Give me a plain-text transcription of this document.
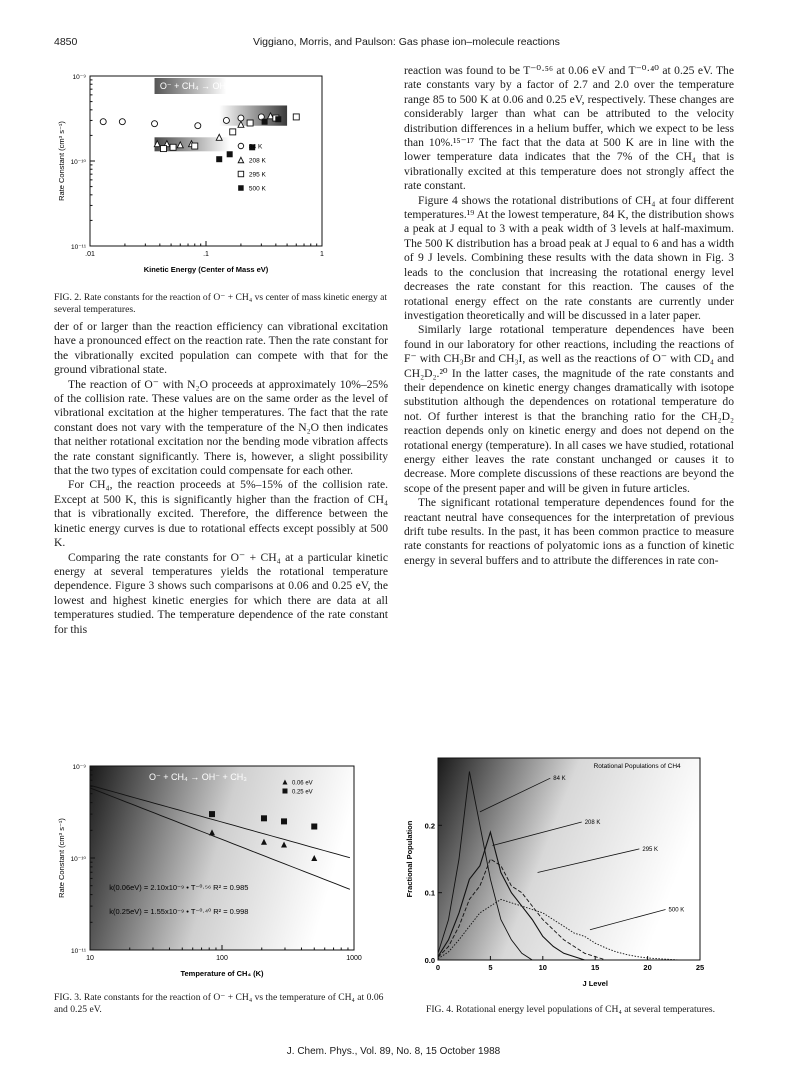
4850	Viggiano, Morris, and Paulson: Gas phase ion–molecule reactions
O⁻ + CH₄ → OH⁻ + CH₃
.01	.1	1
10⁻⁹
10⁻¹⁰
10⁻¹¹
Rate Constant (cm³ s⁻¹)
Kinetic Energy (Center of Mass eV)
84 K
208 K
295 K
500 K
FIG. 2. Rate constants for the reaction of O⁻ + CH₄ vs center of mass kinetic energy at several temperatures.

der of or larger than the reaction efficiency can vibrational excitation have a pronounced effect on the reaction rate. Then the rate constant for the vibrationally excited population can compete with that for the ground vibrational state.

The reaction of O⁻ with N₂O proceeds at approximately 10%–25% of the collision rate. These values are on the same order as the level of vibrational excitation at the higher temperatures. The fact that the rate constant does not vary with the temperature of the N₂O then indicates that neither rotational excitation nor the bending mode vibration affects the rate constant significantly. There is, however, a slight possibility that the two types of excitation could compensate for each other.

For CH₄, the reaction proceeds at 5%–15% of the collision rate. Except at 500 K, this is significantly higher than the fraction of CH₄ that is vibrationally excited. Therefore, the difference between the kinetic energy curves is due to rotational effects except possibly at 500 K.

Comparing the rate constants for O⁻ + CH₄ at a particular kinetic energy at several temperatures yields the rotational temperature dependence. Figure 3 shows such comparisons at 0.06 and 0.25 eV, the lowest and highest kinetic energies for which there are data at all temperatures studied. The temperature dependence of the rate constant for this

reaction was found to be T⁻⁰·⁵⁶ at 0.06 eV and T⁻⁰·⁴⁰ at 0.25 eV. The rate constants vary by a factor of 2.7 and 2.0 over the temperature range 85 to 500 K at 0.06 and 0.25 eV, respectively. These changes are considerably larger than what can be attributed to the velocity distribution differences in a helium buffer, which we expect to be less than 10%.¹⁵⁻¹⁷ The fact that the data at 500 K are in line with the lower temperature data indicates that the 7% of the CH₄ that is vibrationally excited at this temperature does not strongly affect the rate constant.

Figure 4 shows the rotational distributions of CH₄ at four different temperatures.¹⁹ At the lowest temperature, 84 K, the distribution shows a peak at J equal to 3 with a peak width of 3 levels at half-maximum. The 500 K distribution has a broad peak at J equal to 6 and has a width of 9 J levels. Combining these results with the data shown in Fig. 3 leads to the conclusion that increasing the rotational energy level decreases the rate constant for this reaction. The causes of the rotational energy effect on the rate constants are currently under investigation theoretically and will be discussed in a later paper.

Similarly large rotational temperature dependences have been found in our laboratory for other reactions, including the reactions of F⁻ with CH₃Br and CH₃I, as well as the reactions of O⁻ with CD₄ and CH₂D₂.²⁰ In the latter cases, the magnitude of the rate constants and their dependence on kinetic energy changes dramatically with isotope substitution although the dependences on rotational temperature do not. Of further interest is that the branching ratio for the CH₂D₂ reaction depends only on kinetic energy and does not depend on the rotational energy (temperature). In all cases we have studied, rotational energy either leaves the rate constant unchanged or causes it to decrease. More complete discussions of these reactions are beyond the scope of the present paper and will be given in future articles.

The significant rotational temperature dependences found for the reactant neutral have consequences for the interpretation of previous drift tube results. In the past, it has been common practice to measure rate constants for reactions of polyatomic ions as a function of kinetic energy in several buffers and to attribute the differences in rate con-

O⁻ + CH₄ → OH⁻ + CH₃
10	100	1000
10⁻⁹
10⁻¹⁰
10⁻¹¹
Rate Constant (cm³ s⁻¹)
Temperature of CH₄ (K)
0.06 eV
0.25 eV
k(0.06eV) = 2.10x10⁻⁹ • T⁻⁰·⁵⁶ R² = 0.985
k(0.25eV) = 1.55x10⁻⁹ • T⁻⁰·⁴⁰ R² = 0.998
FIG. 3. Rate constants for the reaction of O⁻ + CH₄ vs the temperature of CH₄ at 0.06 and 0.25 eV.
Rotational Populations of CH4
0	5	10	15	20	25
0.0
0.1
0.2
Fractional Population
J Level
84 K
208 K
295 K
500 K
FIG. 4. Rotational energy level populations of CH₄ at several temperatures.
J. Chem. Phys., Vol. 89, No. 8, 15 October 1988
